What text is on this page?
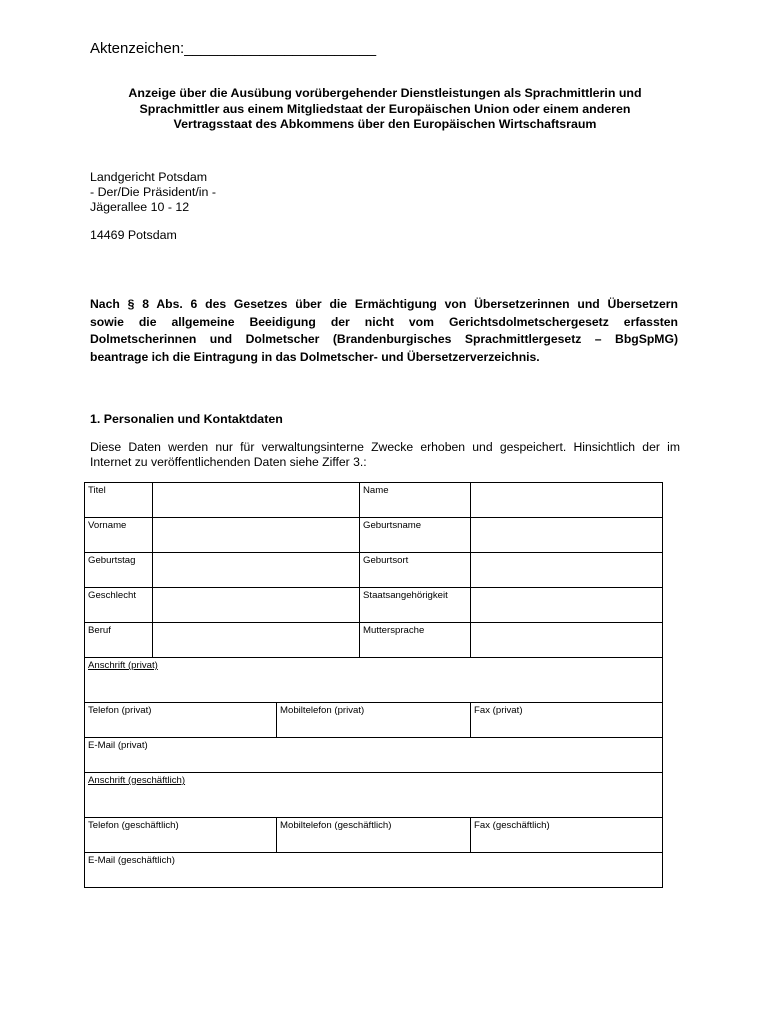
Aktenzeichen:_______________________
Anzeige über die Ausübung vorübergehender Dienstleistungen als Sprachmittlerin und
Sprachmittler aus einem Mitgliedstaat der Europäischen Union oder einem anderen
Vertragsstaat des Abkommens über den Europäischen Wirtschaftsraum
Landgericht Potsdam
- Der/Die Präsident/in -
Jägerallee 10 - 12
14469 Potsdam
Nach § 8 Abs. 6 des Gesetzes über die Ermächtigung von Übersetzerinnen und Übersetzern
sowie die allgemeine Beeidigung der nicht vom Gerichtsdolmetschergesetz erfassten
Dolmetscherinnen und Dolmetscher (Brandenburgisches Sprachmittlergesetz – BbgSpMG)
beantrage ich die Eintragung in das Dolmetscher- und Übersetzerverzeichnis.
1. Personalien und Kontaktdaten
Diese Daten werden nur für verwaltungsinterne Zwecke erhoben und gespeichert. Hinsichtlich der im
Internet zu veröffentlichenden Daten siehe Ziffer 3.:
Titel			Name	
Vorname			Geburtsname	
Geburtstag			Geburtsort	
Geschlecht			Staatsangehörigkeit	
Beruf			Muttersprache	
Anschrift (privat)				
Telefon (privat)		Mobiltelefon (privat)		Fax (privat)
E-Mail (privat)				
Anschrift (geschäftlich)				
Telefon (geschäftlich)		Mobiltelefon (geschäftlich)		Fax (geschäftlich)
E-Mail (geschäftlich)				
